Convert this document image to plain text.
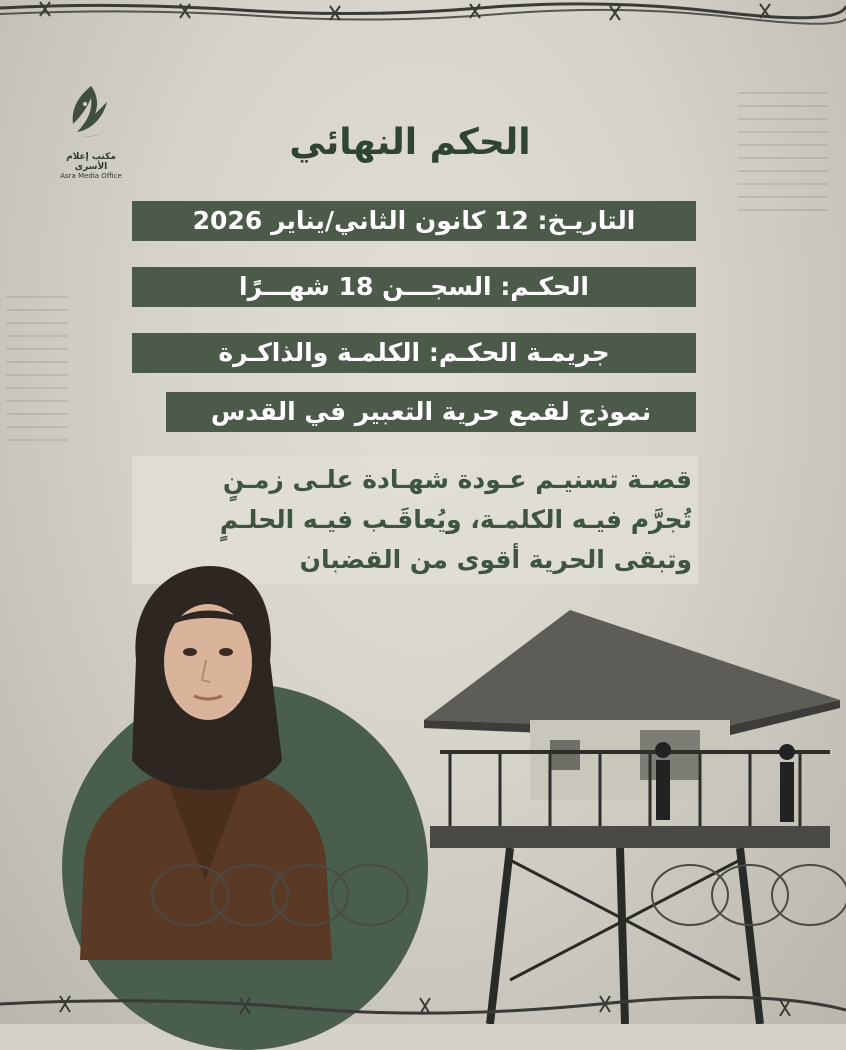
مكتب إعلام الأسرى
Asra Media Office
الحكم النهائي
التاريـخ: 12 كانون الثاني/يناير 2026
الحكـم: السجـــن 18 شهـــرًا
جريمـة الحكـم: الكلمـة والذاكـرة
نموذج لقمع حرية التعبير في القدس
قصـة تسنيـم عـودة شهـادة علـى زمـنٍ
تُجرَّم فيـه الكلمـة، ويُعاقَـب فيـه الحلـمٍ
وتبقى الحرية أقوى من القضبان
